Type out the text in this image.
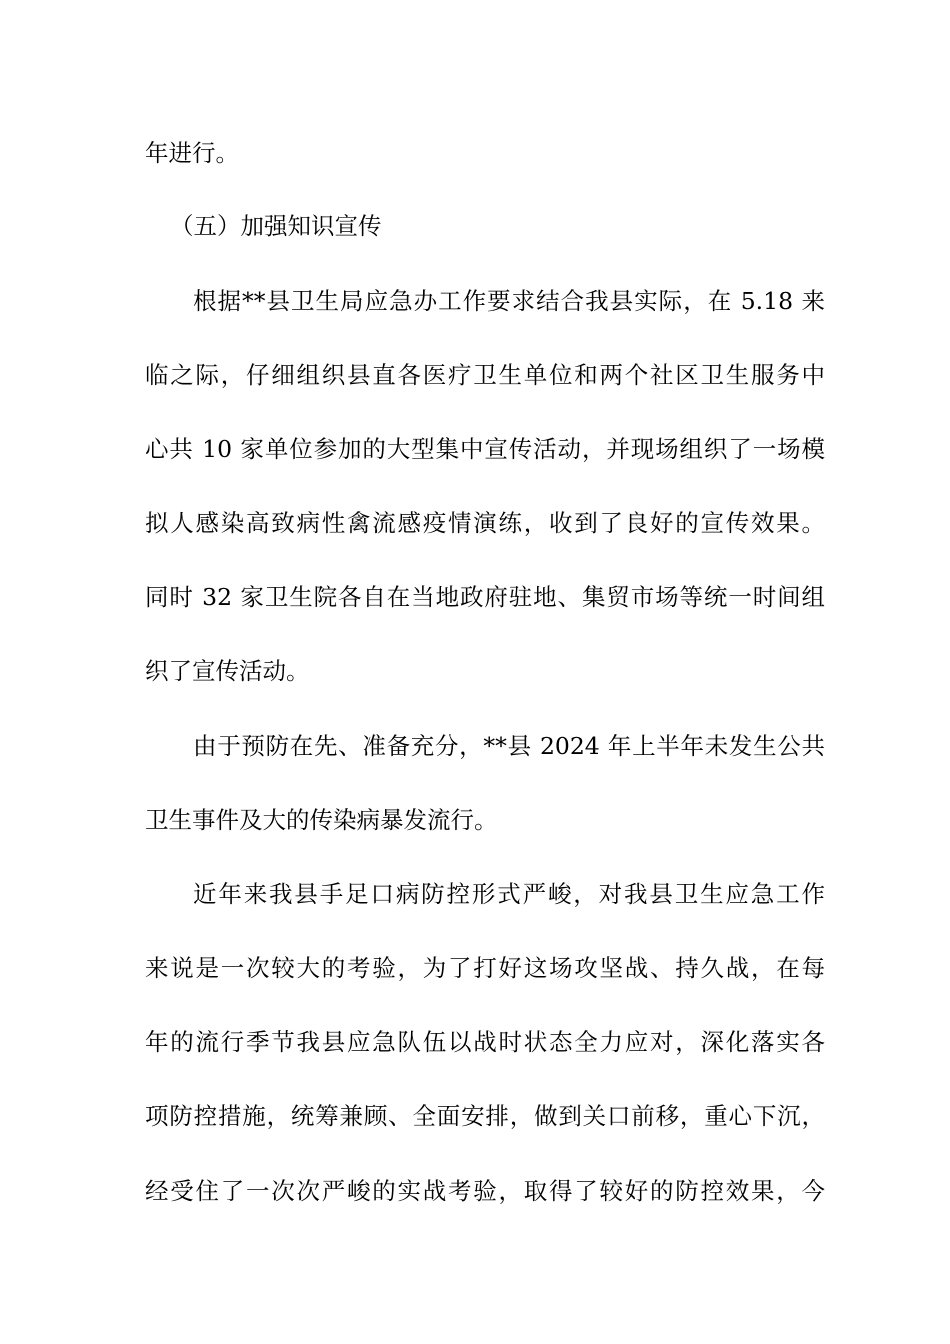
年进行。
（五）加强知识宣传
根据**县卫生局应急办工作要求结合我县实际，在 5.18 来
临之际，仔细组织县直各医疗卫生单位和两个社区卫生服务中
心共 10 家单位参加的大型集中宣传活动，并现场组织了一场模
拟人感染高致病性禽流感疫情演练，收到了良好的宣传效果。
同时 32 家卫生院各自在当地政府驻地、集贸市场等统一时间组
织了宣传活动。
由于预防在先、准备充分，**县 2024 年上半年未发生公共
卫生事件及大的传染病暴发流行。
近年来我县手足口病防控形式严峻，对我县卫生应急工作
来说是一次较大的考验，为了打好这场攻坚战、持久战，在每
年的流行季节我县应急队伍以战时状态全力应对，深化落实各
项防控措施，统筹兼顾、全面安排，做到关口前移，重心下沉，
经受住了一次次严峻的实战考验，取得了较好的防控效果，今
